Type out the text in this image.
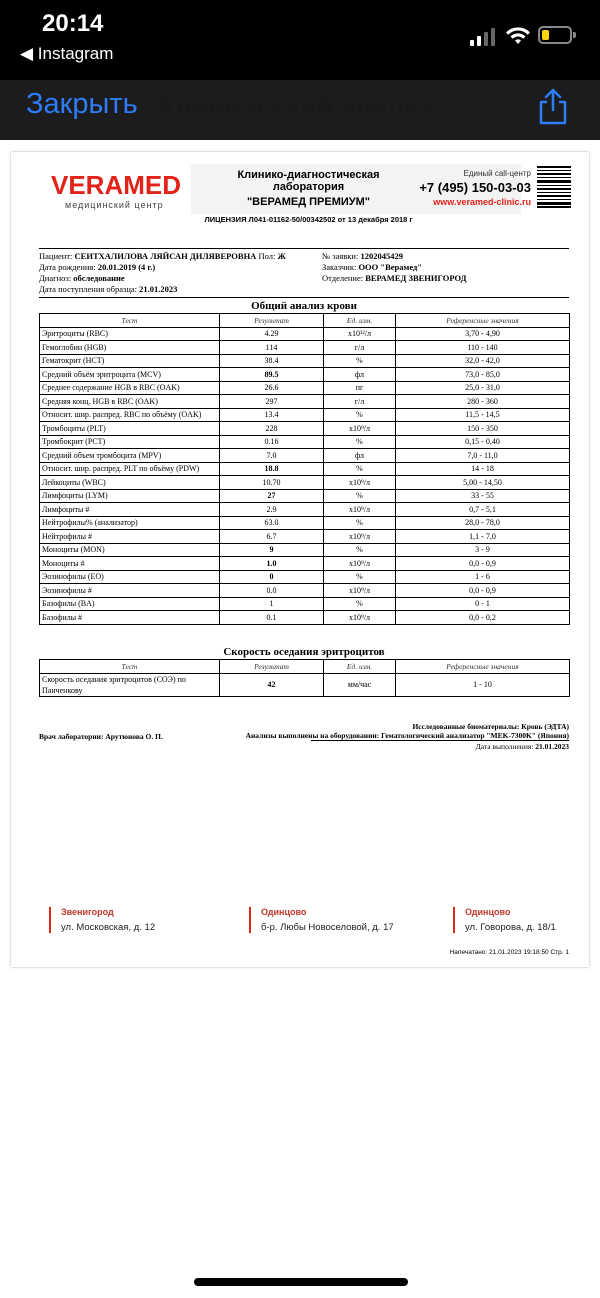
20:14
◀ Instagram
Закрыть Клинический анализ...
VERAMED
медицинский центр
Клинико-диагностическая лаборатория
"ВЕРАМЕД ПРЕМИУМ"
ЛИЦЕНЗИЯ Л041-01162-50/00342502 от 13 декабря 2018 г
Единый call-центр
+7 (495) 150-03-03
www.veramed-clinic.ru
Пациент: СЕИТХАЛИЛОВА ЛЯЙСАН ДИЛЯВЕРОВНА Пол: Ж
Дата рождения: 20.01.2019 (4 г.)
Диагноз: обследование
Дата поступления образца: 21.01.2023
№ заявки: 1202045429
Заказчик: ООО "Верамед"
Отделение: ВЕРАМЕД ЗВЕНИГОРОД
Общий анализ крови
Тест	Результат	Ед. изм.	Референсные значения
Эритроциты (RBC)	4.29	x10¹²/л	3,70 - 4,90
Гемоглобин (HGB)	114	г/л	110 - 140
Гематокрит (HCT)	38.4	%	32,0 - 42,0
Средний объём эритроцита (MCV)	89.5	фл	73,0 - 85,0
Среднее содержание HGB в RBC (OAK)	26.6	пг	25,0 - 31,0
Средняя конц. HGB в RBC (OAK)	297	г/л	280 - 360
Относит. шир. распред. RBC по объёму (OAK)	13.4	%	11,5 - 14,5
Тромбоциты (PLT)	228	x10⁹/л	150 - 350
Тромбокрит (PCT)	0.16	%	0,15 - 0,40
Средний объем тромбоцита (MPV)	7.0	фл	7,0 - 11,0
Относит. шир. распред. PLT по объёму (PDW)	18.8	%	14 - 18
Лейкоциты (WBC)	10.70	x10⁹/л	5,00 - 14,50
Лимфоциты (LYM)	27	%	33 - 55
Лимфоциты #	2.9	x10⁹/л	0,7 - 5,1
Нейтрофилы% (анализатор)	63.0	%	28,0 - 78,0
Нейтрофилы #	6.7	x10⁹/л	1,1 - 7,0
Моноциты (MON)	9	%	3 - 9
Моноциты #	1.0	x10⁹/л	0,0 - 0,9
Эозинофилы (EO)	0	%	1 - 6
Эозинофилы #	0.0	x10⁹/л	0,0 - 0,9
Базофилы (BA)	1	%	0 - 1
Базофилы #	0.1	x10⁹/л	0,0 - 0,2
Скорость оседания эритроцитов
Тест	Результат	Ед. изм.	Референсные значения
Скорость оседания эритроцитов (СОЭ) по Панченкову	42	мм/час	1 - 10
Исследованные биоматериалы: Кровь (ЭДТА)
Анализы выполнены на оборудовании: Гематологический анализатор "MEK-7300K" (Япония)
Дата выполнения: 21.01.2023
Врач лаборатории: Арутюнова О. П.
Звенигород
ул. Московская, д. 12
Одинцово
б-р. Любы Новоселовой, д. 17
Одинцово
ул. Говорова, д. 18/1
Напечатано: 21.01.2023 19:18:50 Стр. 1
